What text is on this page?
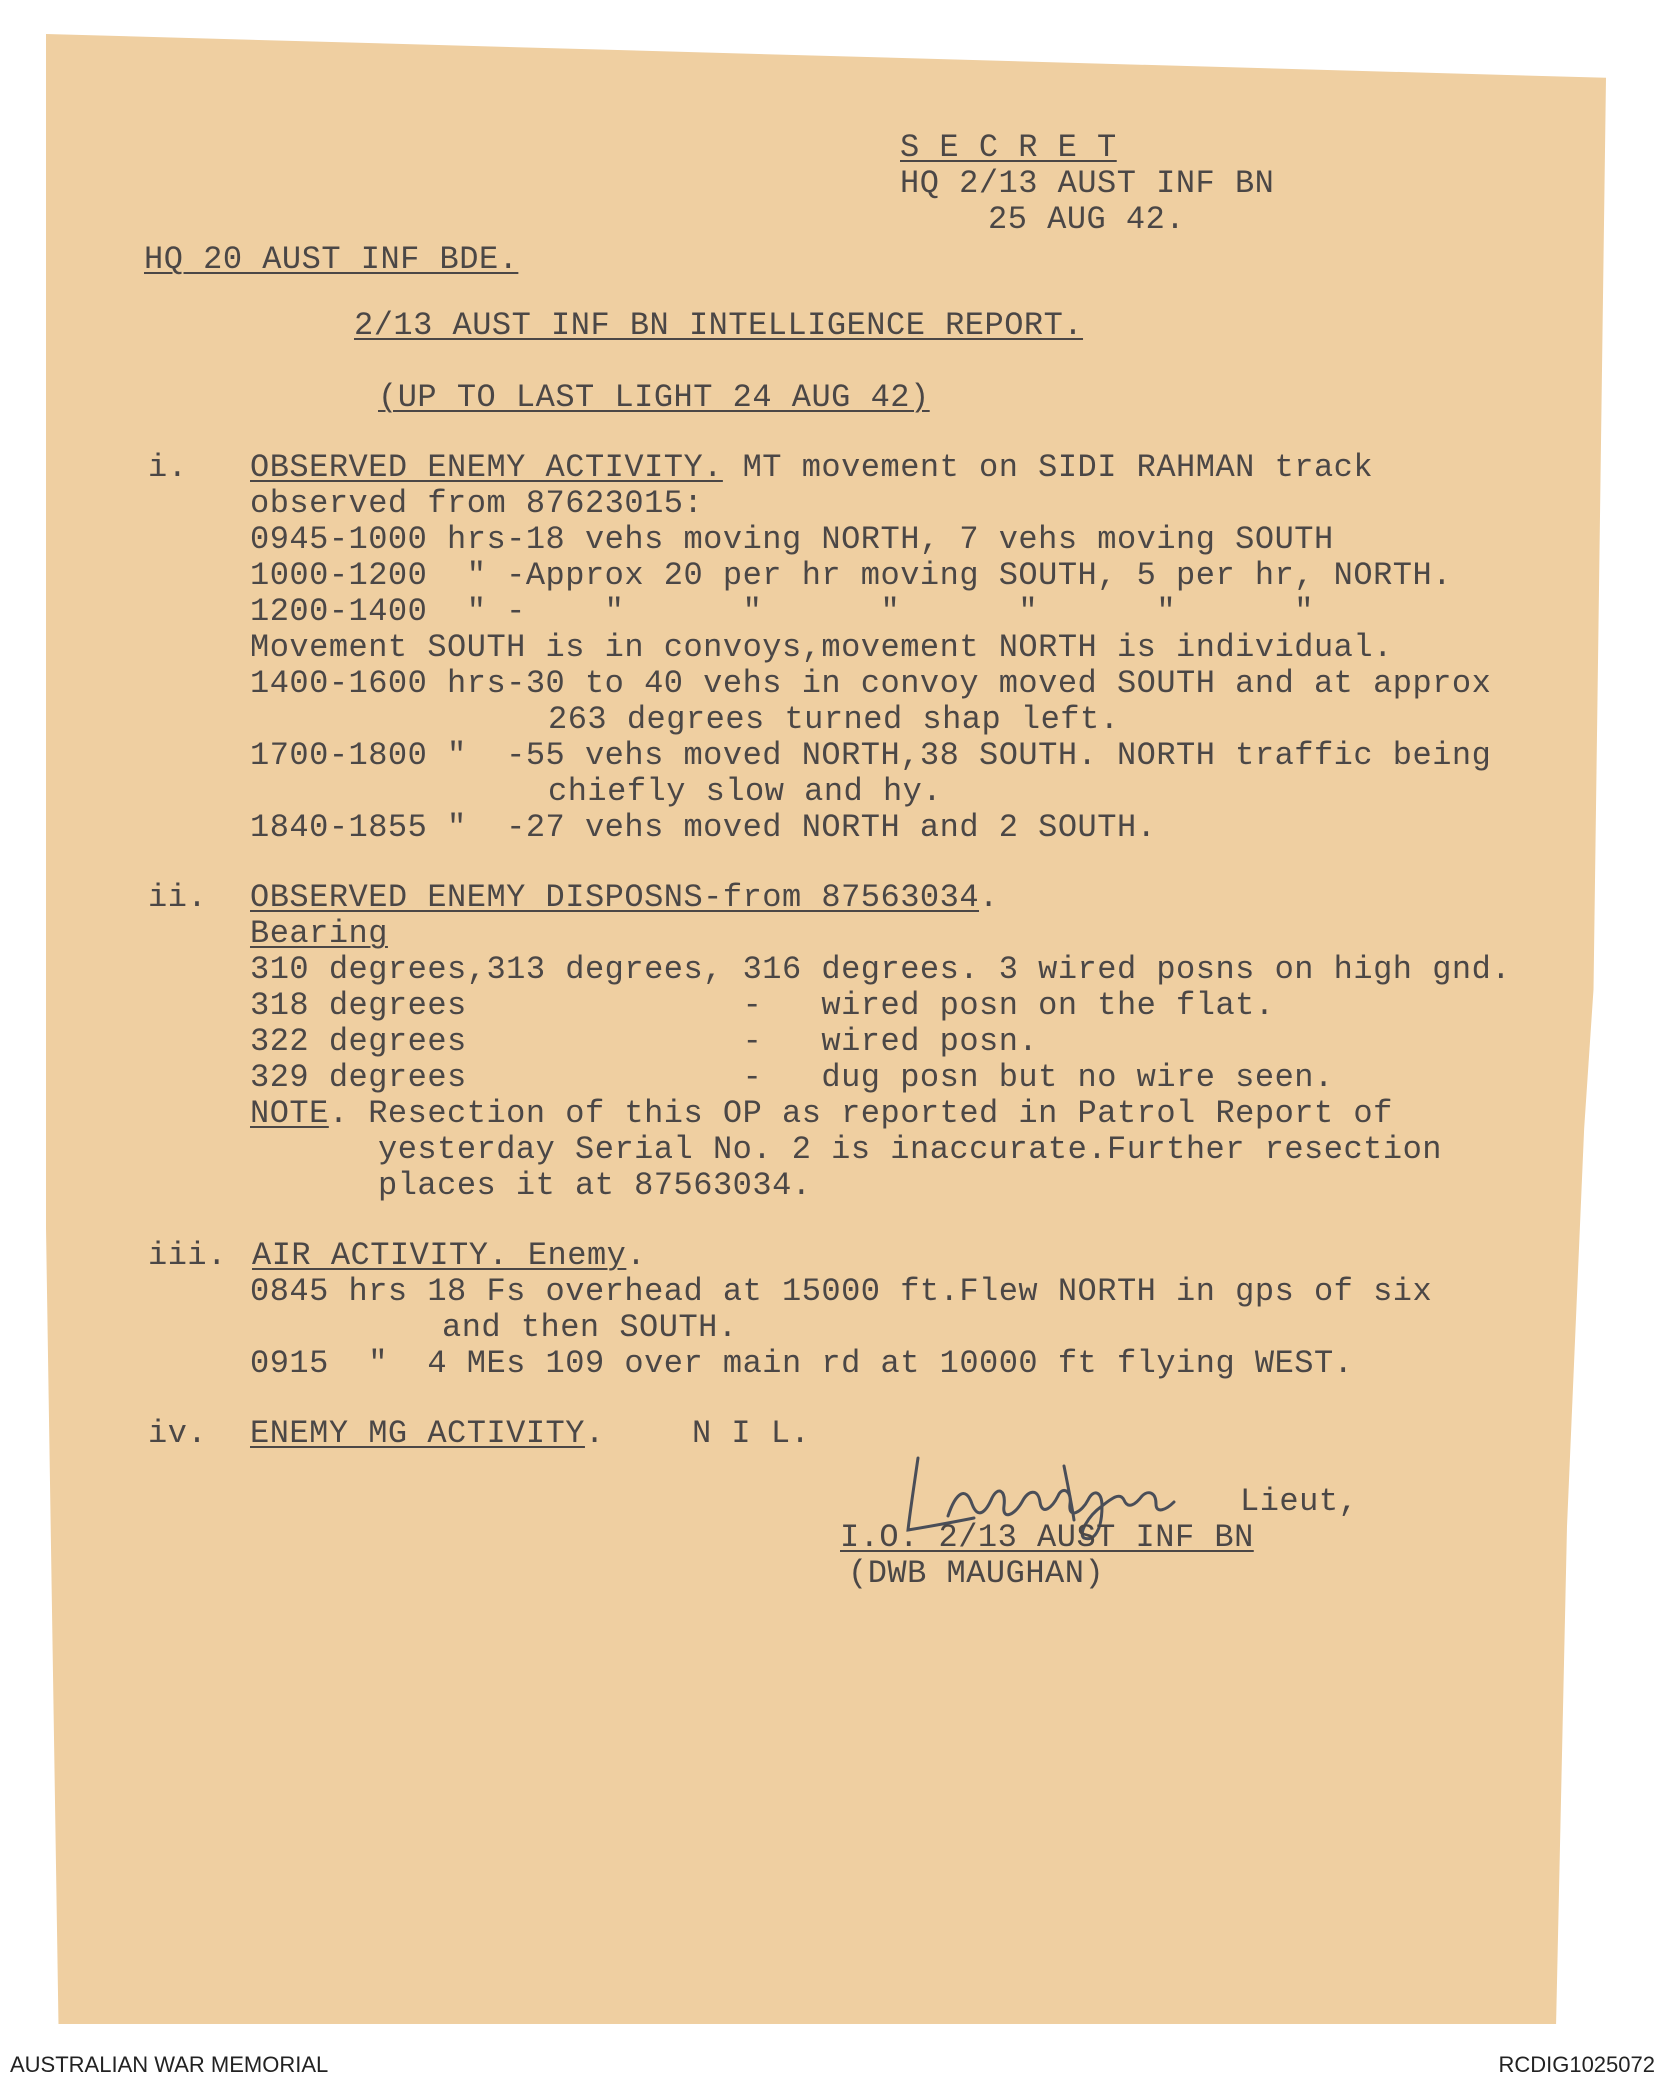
S E C R E T
HQ 2/13 AUST INF BN
25 AUG 42.
HQ 20 AUST INF BDE.
2/13 AUST INF BN INTELLIGENCE REPORT.
(UP TO LAST LIGHT 24 AUG 42)
i. OBSERVED ENEMY ACTIVITY. MT movement on SIDI RAHMAN track
observed from 87623015:
0945-1000 hrs-18 vehs moving NORTH, 7 vehs moving SOUTH
1000-1200  " -Approx 20 per hr moving SOUTH, 5 per hr, NORTH.
1200-1400  " -    "      "      "      "      "      "
Movement SOUTH is in convoys,movement NORTH is individual.
1400-1600 hrs-30 to 40 vehs in convoy moved SOUTH and at approx
263 degrees turned shap left.
1700-1800 "  -55 vehs moved NORTH,38 SOUTH. NORTH traffic being
chiefly slow and hy.
1840-1855 "  -27 vehs moved NORTH and 2 SOUTH.
ii. OBSERVED ENEMY DISPOSNS-from 87563034.
Bearing
310 degrees,313 degrees, 316 degrees. 3 wired posns on high gnd.
318 degrees              -   wired posn on the flat.
322 degrees              -   wired posn.
329 degrees              -   dug posn but no wire seen.
NOTE. Resection of this OP as reported in Patrol Report of
yesterday Serial No. 2 is inaccurate.Further resection
places it at 87563034.
iii. AIR ACTIVITY. Enemy.
0845 hrs 18 Fs overhead at 15000 ft.Flew NORTH in gps of six
and then SOUTH.
0915  "  4 MEs 109 over main rd at 10000 ft flying WEST.
iv. ENEMY MG ACTIVITY.	N I L.
Lieut,
I.O. 2/13 AUST INF BN
(DWB MAUGHAN)
AUSTRALIAN WAR MEMORIAL	RCDIG1025072
